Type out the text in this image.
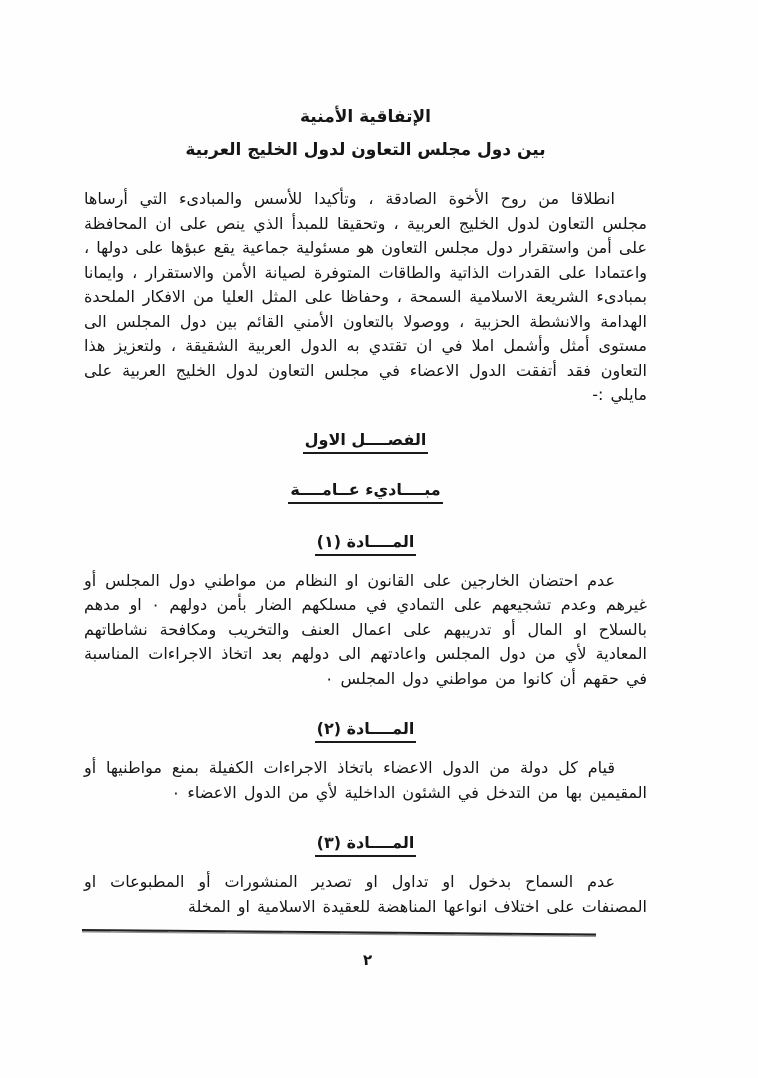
الإتفاقية الأمنية
بين دول مجلس التعاون لدول الخليج العربية

انطلاقا من روح الأخوة الصادقة ، وتأكيدا للأسس والمبادىء التي أرساها مجلس التعاون لدول الخليج العربية ، وتحقيقا للمبدأ الذي ينص على ان المحافظة على أمن واستقرار دول مجلس التعاون هو مسئولية جماعية يقع عبؤها على دولها ، واعتمادا على القدرات الذاتية والطاقات المتوفرة لصيانة الأمن والاستقرار ، وايمانا بمبادىء الشريعة الاسلامية السمحة ، وحفاظا على المثل العليا من الافكار الملحدة الهدامة والانشطة الحزبية ، ووصولا بالتعاون الأمني القائم بين دول المجلس الى مستوى أمثل وأشمل املا في ان تقتدي به الدول العربية الشقيقة ، ولتعزيز هذا التعاون فقد أتفقت الدول الاعضاء في مجلس التعاون لدول الخليج العربية على مايلي :-

الفصــــل الاول
مبــــاديء عــامــــة
المــــادة (١)

عدم احتضان الخارجين على القانون او النظام من مواطني دول المجلس أو غيرهم وعدم تشجيعهم على التمادي في مسلكهم الضار بأمن دولهم ٠ او مدهم بالسلاح او المال أو تدريبهم على اعمال العنف والتخريب ومكافحة نشاطاتهم المعادية لأي من دول المجلس واعادتهم الى دولهم بعد اتخاذ الاجراءات المناسبة في حقهم أن كانوا من مواطني دول المجلس ٠

المــــادة (٢)

قيام كل دولة من الدول الاعضاء باتخاذ الاجراءات الكفيلة بمنع مواطنيها أو المقيمين بها من التدخل في الشئون الداخلية لأي من الدول الاعضاء ٠

المــــادة (٣)

عدم السماح بدخول او تداول او تصدير المنشورات أو المطبوعات او المصنفات على اختلاف انواعها المناهضة للعقيدة الاسلامية او المخلة

٢
